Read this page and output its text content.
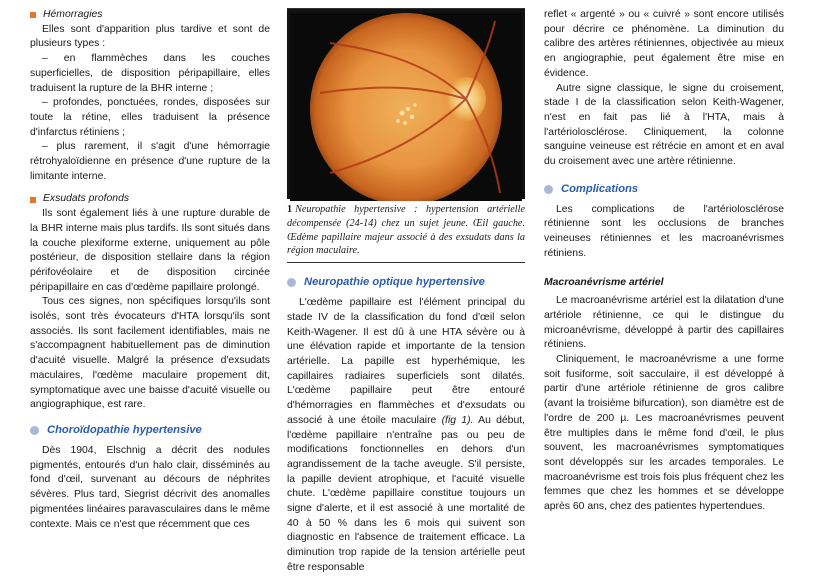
Hémorragies

Elles sont d'apparition plus tardive et sont de plusieurs types :

– en flammèches dans les couches superficielles, de disposition péripapillaire, elles traduisent la rupture de la BHR interne ;

– profondes, ponctuées, rondes, disposées sur toute la rétine, elles traduisent la présence d'infarctus rétiniens ;

– plus rarement, il s'agit d'une hémorragie rétrohyaloïdienne en présence d'une rupture de la limitante interne.

Exsudats profonds

Ils sont également liés à une rupture durable de la BHR interne mais plus tardifs. Ils sont situés dans la couche plexiforme externe, uniquement au pôle postérieur, de disposition stellaire dans la région périfovéolaire et de disposition circinée péripapillaire en cas d'œdème papillaire prolongé.

Tous ces signes, non spécifiques lorsqu'ils sont isolés, sont très évocateurs d'HTA lorsqu'ils sont associés. Ils sont facilement identifiables, mais ne s'accompagnent habituellement pas de diminution d'acuité visuelle. Malgré la présence d'exsudats maculaires, l'œdème maculaire propement dit, symptomatique avec une baisse d'acuité visuelle ou angiographique, est rare.

Choroïdopathie hypertensive

Dès 1904, Elschnig a décrit des nodules pigmentés, entourés d'un halo clair, disséminés au fond d'œil, survenant au décours de néphrites sévères. Plus tard, Siegrist décrivit des anomalles pigmentées linéaires paravasculaires dans le même contexte. Mais ce n'est que récemment que ces

1 Neuropathie hypertensive : hypertension artérielle décompensée (24-14) chez un sujet jeune. Œil gauche. Œdème papillaire majeur associé à des exsudats dans la région maculaire.

Neuropathie optique hypertensive

L'œdème papillaire est l'élément principal du stade IV de la classification du fond d'œil selon Keith-Wagener. Il est dû à une HTA sévère ou à une élévation rapide et importante de la tension artérielle. La papille est hyperhémique, les capillaires radiaires superficiels sont dilatés. L'œdème papillaire peut être entouré d'hémorragies en flammèches et d'exsudats ou associé à une étoile maculaire (fig 1). Au début, l'œdème papillaire n'entraîne pas ou peu de modifications fonctionnelles en dehors d'un agrandissement de la tache aveugle. S'il persiste, la papille devient atrophique, et l'acuité visuelle chute. L'œdème papillaire constitue toujours un signe d'alerte, et il est associé à une mortalité de 40 à 50 % dans les 6 mois qui suivent son diagnostic en l'absence de traitement efficace. La diminution trop rapide de la tension artérielle peut être responsable

reflet « argenté » ou « cuivré » sont encore utilisés pour décrire ce phénomène. La diminution du calibre des artères rétiniennes, objectivée au mieux en angiographie, peut également être mise en évidence.

Autre signe classique, le signe du croisement, stade I de la classification selon Keith-Wagener, n'est en fait pas lié à l'HTA, mais à l'artériolosclérose. Cliniquement, la colonne sanguine veineuse est rétrécie en amont et en aval du croisement avec une artère rétinienne.

Complications

Les complications de l'artériolosclérose rétinienne sont les occlusions de branches veineuses rétiniennes et les macroanévrismes rétiniens.

Macroanévrisme artériel

Le macroanévrisme artériel est la dilatation d'une artériole rétinienne, ce qui le distingue du microanévrisme, développé à partir des capillaires rétiniens.

Cliniquement, le macroanévrisme a une forme soit fusiforme, soit sacculaire, il est développé à partir d'une artériole rétinienne de gros calibre (avant la troisième bifurcation), son diamètre est de l'ordre de 200 µ. Les macroanévrismes peuvent être multiples dans le même fond d'œil, le plus souvent, les macroanévrismes symptomatiques sont développés sur les arcades temporales. Le macroanévrisme est trois fois plus fréquent chez les femmes que chez les hommes et se développe après 60 ans, chez des patientes hypertendues.
